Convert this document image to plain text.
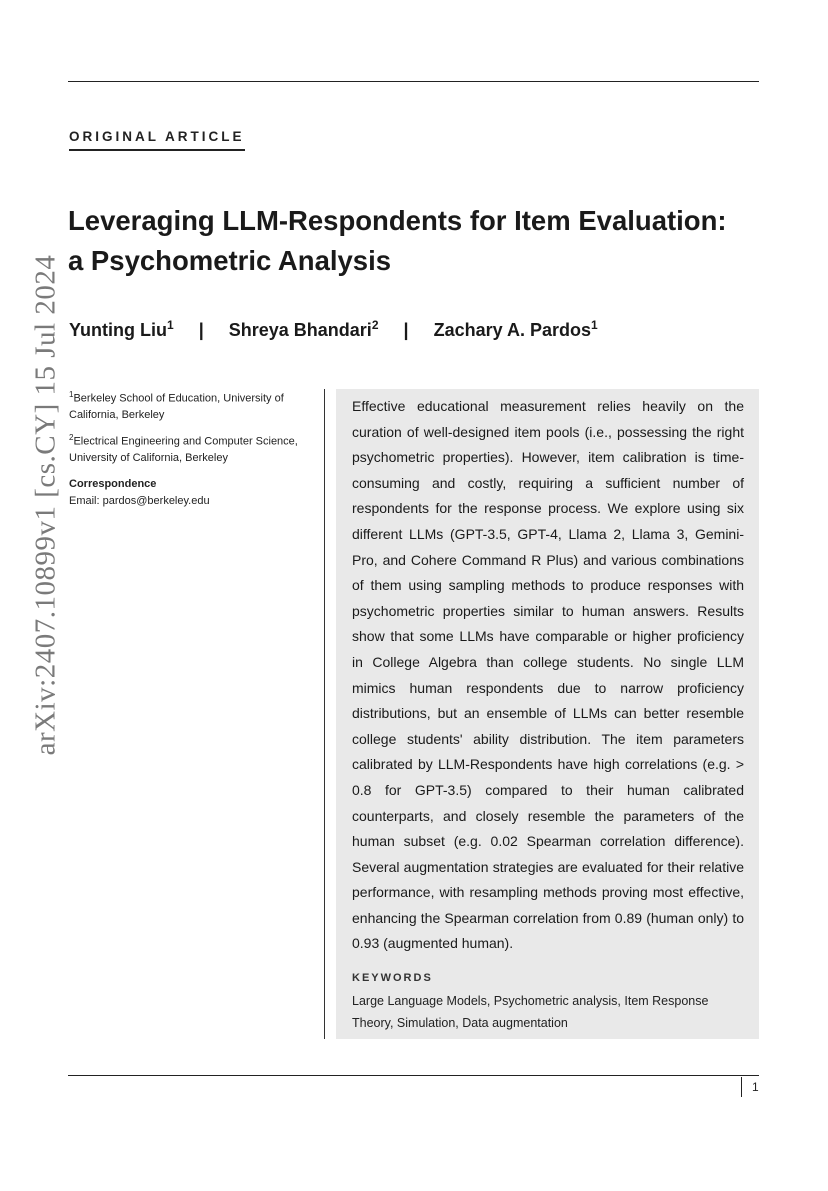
ORIGINAL ARTICLE
arXiv:2407.10899v1 [cs.CY] 15 Jul 2024
Leveraging LLM-Respondents for Item Evaluation:
a Psychometric Analysis
Yunting Liu$^1$ | Shreya Bhandari$^2$ | Zachary A. Pardos$^1$

$^1$Berkeley School of Education, University of California, Berkeley

$^2$Electrical Engineering and Computer Science, University of California, Berkeley

Correspondence

Email: pardos@berkeley.edu

Effective educational measurement relies heavily on the curation of well-designed item pools (i.e., possessing the right psychometric properties). However, item calibration is time-consuming and costly, requiring a sufficient number of respondents for the response process. We explore using six different LLMs (GPT-3.5, GPT-4, Llama 2, Llama 3, Gemini-Pro, and Cohere Command R Plus) and various combinations of them using sampling methods to produce responses with psychometric properties similar to human answers. Results show that some LLMs have comparable or higher proficiency in College Algebra than college students. No single LLM mimics human respondents due to narrow proficiency distributions, but an ensemble of LLMs can better resemble college students' ability distribution. The item parameters calibrated by LLM-Respondents have high correlations (e.g. > 0.8 for GPT-3.5) compared to their human calibrated counterparts, and closely resemble the parameters of the human subset (e.g. 0.02 Spearman correlation difference). Several augmentation strategies are evaluated for their relative performance, with resampling methods proving most effective, enhancing the Spearman correlation from 0.89 (human only) to 0.93 (augmented human).

KEYWORDS
Large Language Models, Psychometric analysis, Item Response Theory, Simulation, Data augmentation
1
